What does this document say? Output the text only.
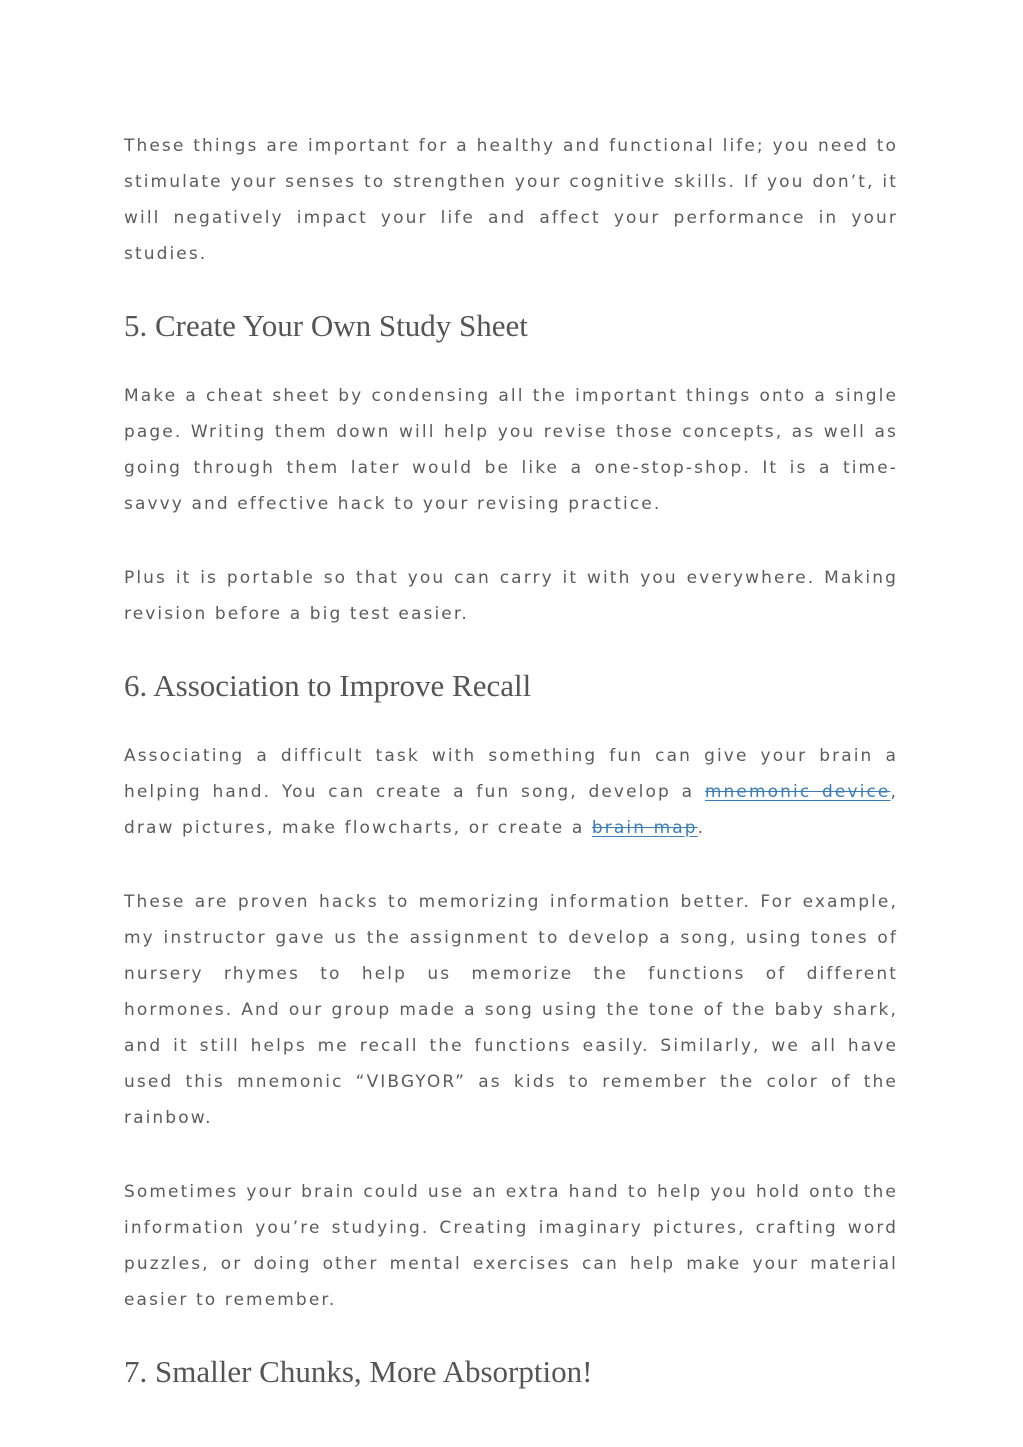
These things are important for a healthy and functional life; you need to stimulate your senses to strengthen your cognitive skills. If you don’t, it will negatively impact your life and affect your performance in your studies.

5. Create Your Own Study Sheet

Make a cheat sheet by condensing all the important things onto a single page. Writing them down will help you revise those concepts, as well as going through them later would be like a one-stop-shop. It is a time-savvy and effective hack to your revising practice.

Plus it is portable so that you can carry it with you everywhere. Making revision before a big test easier.

6. Association to Improve Recall

Associating a difficult task with something fun can give your brain a helping hand. You can create a fun song, develop a mnemonic device, draw pictures, make flowcharts, or create a brain map.

These are proven hacks to memorizing information better. For example, my instructor gave us the assignment to develop a song, using tones of nursery rhymes to help us memorize the functions of different hormones. And our group made a song using the tone of the baby shark, and it still helps me recall the functions easily. Similarly, we all have used this mnemonic “VIBGYOR” as kids to remember the color of the rainbow.

Sometimes your brain could use an extra hand to help you hold onto the information you’re studying. Creating imaginary pictures, crafting word puzzles, or doing other mental exercises can help make your material easier to remember.

7. Smaller Chunks, More Absorption!
